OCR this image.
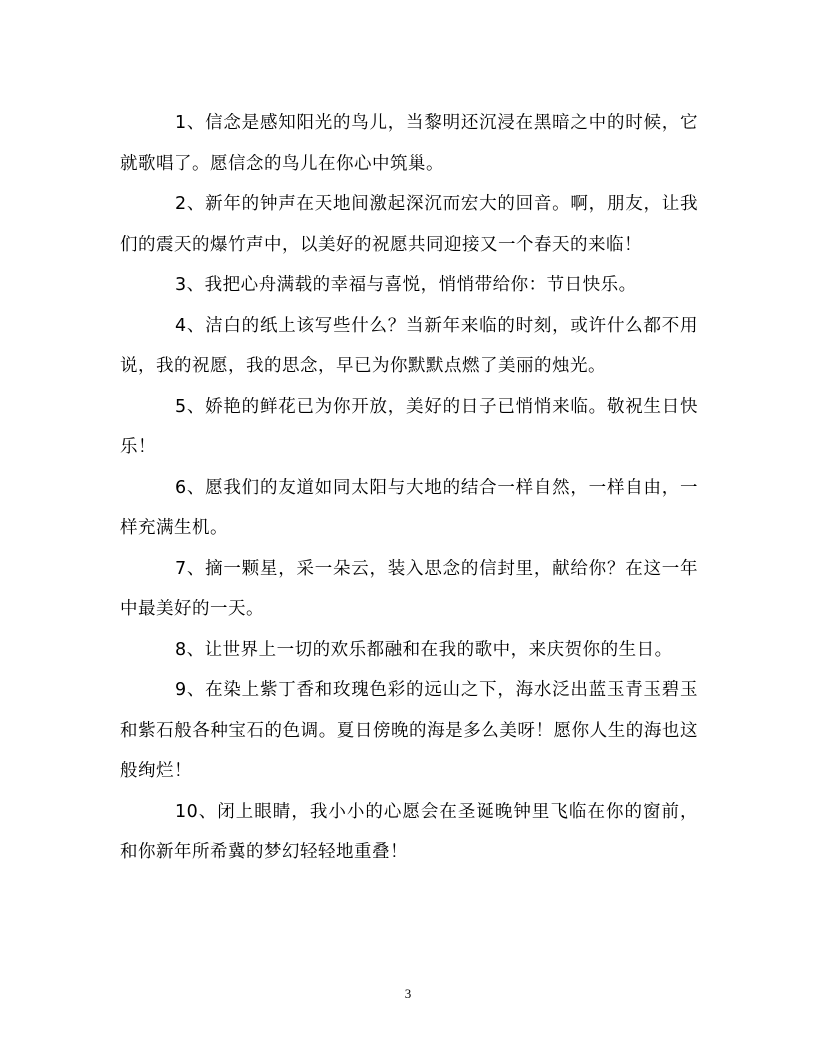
1、信念是感知阳光的鸟儿，当黎明还沉浸在黑暗之中的时候，它就歌唱了。愿信念的鸟儿在你心中筑巢。

2、新年的钟声在天地间激起深沉而宏大的回音。啊，朋友，让我们的震天的爆竹声中，以美好的祝愿共同迎接又一个春天的来临！

3、我把心舟满载的幸福与喜悦，悄悄带给你：节日快乐。

4、洁白的纸上该写些什么？当新年来临的时刻，或许什么都不用说，我的祝愿，我的思念，早已为你默默点燃了美丽的烛光。

5、娇艳的鲜花已为你开放，美好的日子已悄悄来临。敬祝生日快乐！

6、愿我们的友道如同太阳与大地的结合一样自然，一样自由，一样充满生机。

7、摘一颗星，采一朵云，装入思念的信封里，献给你？在这一年中最美好的一天。

8、让世界上一切的欢乐都融和在我的歌中，来庆贺你的生日。

9、在染上紫丁香和玫瑰色彩的远山之下，海水泛出蓝玉青玉碧玉和紫石般各种宝石的色调。夏日傍晚的海是多么美呀！愿你人生的海也这般绚烂！

10、闭上眼睛，我小小的心愿会在圣诞晚钟里飞临在你的窗前，和你新年所希冀的梦幻轻轻地重叠！

3
